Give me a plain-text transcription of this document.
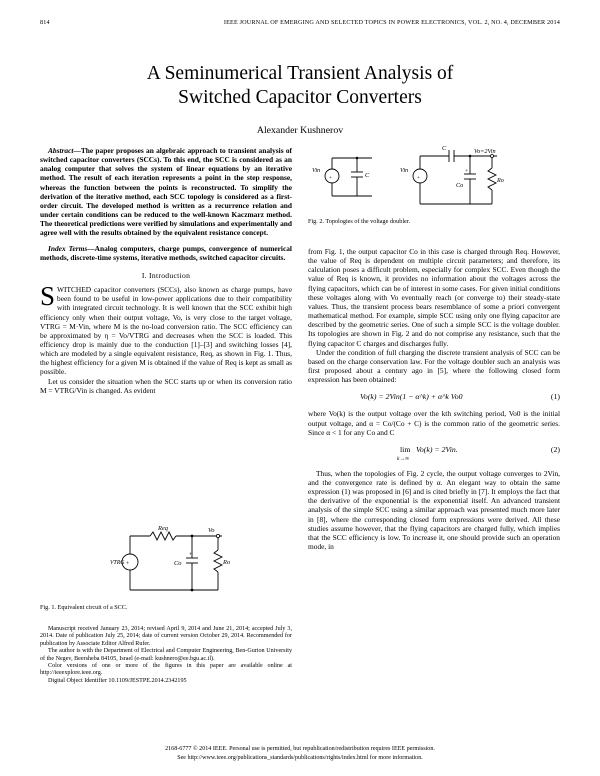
814	IEEE JOURNAL OF EMERGING AND SELECTED TOPICS IN POWER ELECTRONICS, VOL. 2, NO. 4, DECEMBER 2014
A Seminumerical Transient Analysis of
Switched Capacitor Converters
Alexander Kushnerov

Abstract—The paper proposes an algebraic approach to transient analysis of switched capacitor converters (SCCs). To this end, the SCC is considered as an analog computer that solves the system of linear equations by an iterative method. The result of each iteration represents a point in the step response, whereas the function between the points is reconstructed. To simplify the derivation of the iterative method, each SCC topology is considered as a first-order circuit. The developed method is written as a recurrence relation and under certain conditions can be reduced to the well-known Kaczmarz method. The theoretical predictions were verified by simulations and experimentally and agree well with the results obtained by the equivalent resistance concept.

Index Terms—Analog computers, charge pumps, convergence of numerical methods, discrete-time systems, iterative methods, switched capacitor circuits.

I. Introduction

SWITCHED capacitor converters (SCCs), also known as charge pumps, have been found to be useful in low-power applications due to their compatibility with integrated circuit technology. It is well known that the SCC exhibit high efficiency only when their output voltage, Vo, is very close to the target voltage, VTRG = M·Vin, where M is the no-load conversion ratio. The SCC efficiency can be approximated by η = Vo/VTRG and decreases when the SCC is loaded. This efficiency drop is mainly due to the conduction [1]–[3] and switching losses [4], which are modeled by a single equivalent resistance, Req, as shown in Fig. 1. Thus, the highest efficiency for a given M is obtained if the value of Req is kept as small as possible.

Let us consider the situation when the SCC starts up or when its conversion ratio M = VTRG/Vin is changed. As evident

+
VTRG
Req	Vo
+
Co	Ro
Fig. 1. Equivalent circuit of a SCC.

Manuscript received January 23, 2014; revised April 9, 2014 and June 21, 2014; accepted July 3, 2014. Date of publication July 25, 2014; date of current version October 29, 2014. Recommended for publication by Associate Editor Alfred Rufer.

The author is with the Department of Electrical and Computer Engineering, Ben-Gurion University of the Negev, Beersheba 84105, Israel (e-mail: kushnero@ee.bgu.ac.il).

Color versions of one or more of the figures in this paper are available online at http://ieeexplore.ieee.org.

Digital Object Identifier 10.1109/JESTPE.2014.2342195

+	+
Vin
C
Vin
C	Vo=2Vin
+
Co
Ro
Fig. 2. Topologies of the voltage doubler.

from Fig. 1, the output capacitor Co in this case is charged through Req. However, the value of Req is dependent on multiple circuit parameters; and therefore, its calculation poses a difficult problem, especially for complex SCC. Even though the value of Req is known, it provides no information about the voltages across the flying capacitors, which can be of interest in some cases. For given initial conditions these voltages along with Vo eventually reach (or converge to) their steady-state values. Thus, the transient process bears resemblance of some a priori convergent mathematical method. For example, simple SCC using only one flying capacitor are described by the geometric series. One of such a simple SCC is the voltage doubler. Its topologies are shown in Fig. 2 and do not comprise any resistance, such that the flying capacitor C charges and discharges fully.

Under the condition of full charging the discrete transient analysis of SCC can be based on the charge conservation law. For the voltage doubler such an analysis was first proposed about a century ago in [5], where the following closed form expression has been obtained:

Vo(k) = 2Vin(1 − α^k) + α^k Vo0	(1)

where Vo(k) is the output voltage over the kth switching period, Vo0 is the initial output voltage, and α = Co/(Co + C) is the common ratio of the geometric series. Since α < 1 for any Co and C

lim
k→∞
Vo(k) = 2Vin.	(2)

Thus, when the topologies of Fig. 2 cycle, the output voltage converges to 2Vin, and the convergence rate is defined by α. An elegant way to obtain the same expression (1) was proposed in [6] and is cited briefly in [7]. It employs the fact that the derivative of the exponential is the exponential itself. An advanced transient analysis of the simple SCC using a similar approach was presented much more later in [8], where the corresponding closed form expressions were derived. All these studies assume however, that the flying capacitors are charged fully, which implies that the SCC efficiency is low. To increase it, one should provide such an operation mode, in

2168-6777 © 2014 IEEE. Personal use is permitted, but republication/redistribution requires IEEE permission.
See http://www.ieee.org/publications_standards/publications/rights/index.html for more information.
